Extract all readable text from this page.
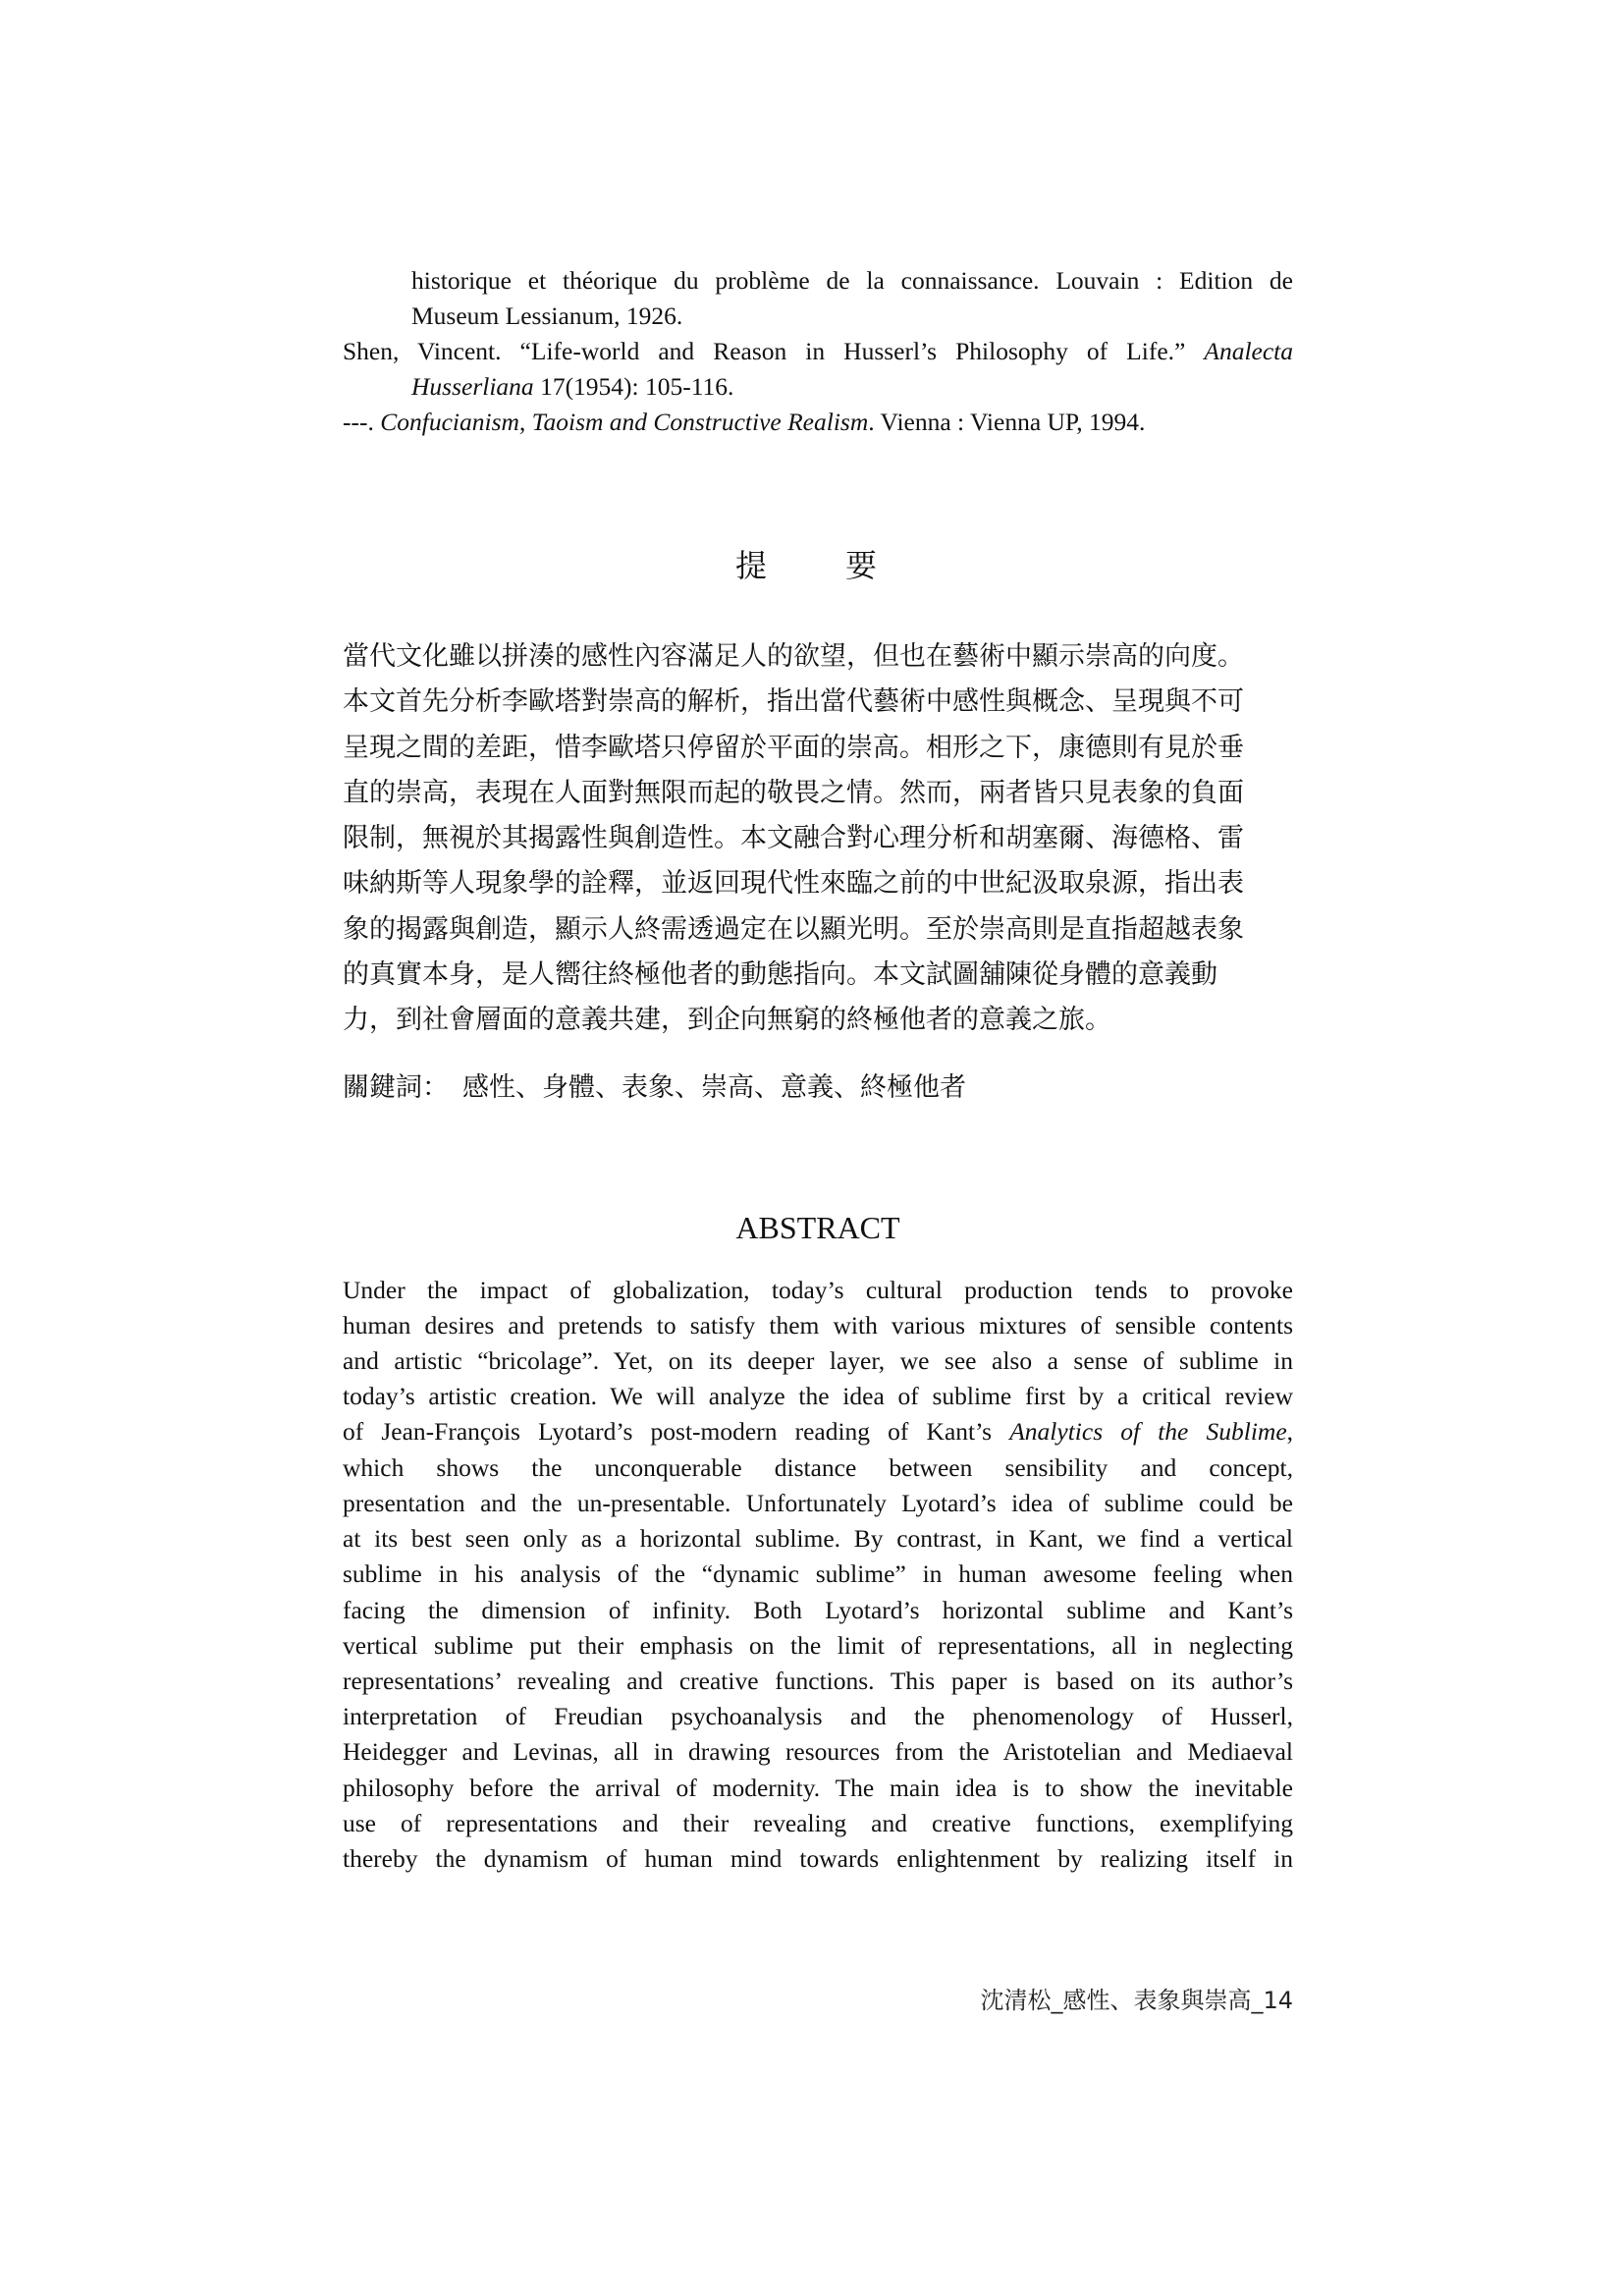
historique et théorique du problème de la connaissance. Louvain : Edition de
Museum Lessianum, 1926.
Shen, Vincent. “Life-world and Reason in Husserl’s Philosophy of Life.” Analecta Husserliana 17(1954): 105-116.
---. Confucianism, Taoism and Constructive Realism. Vienna : Vienna UP, 1994.
提　要
當代文化雖以拼湊的感性內容滿足人的欲望，但也在藝術中顯示崇高的向度。
本文首先分析李歐塔對崇高的解析，指出當代藝術中感性與概念、呈現與不可
呈現之間的差距，惜李歐塔只停留於平面的崇高。相形之下，康德則有見於垂
直的崇高，表現在人面對無限而起的敬畏之情。然而，兩者皆只見表象的負面
限制，無視於其揭露性與創造性。本文融合對心理分析和胡塞爾、海德格、雷
味納斯等人現象學的詮釋，並返回現代性來臨之前的中世紀汲取泉源，指出表
象的揭露與創造，顯示人終需透過定在以顯光明。至於崇高則是直指超越表象
的真實本身，是人嚮往終極他者的動態指向。本文試圖舖陳從身體的意義動
力，到社會層面的意義共建，到企向無窮的終極他者的意義之旅。
關鍵詞： 感性、身體、表象、崇高、意義、終極他者
ABSTRACT
Under the impact of globalization, today’s cultural production tends to provoke
human desires and pretends to satisfy them with various mixtures of sensible contents
and artistic “bricolage”. Yet, on its deeper layer, we see also a sense of sublime in
today’s artistic creation. We will analyze the idea of sublime first by a critical review
of Jean-François Lyotard’s post-modern reading of Kant’s Analytics of the Sublime,
which shows the unconquerable distance between sensibility and concept,
presentation and the un-presentable. Unfortunately Lyotard’s idea of sublime could be
at its best seen only as a horizontal sublime. By contrast, in Kant, we find a vertical
sublime in his analysis of the “dynamic sublime” in human awesome feeling when
facing the dimension of infinity. Both Lyotard’s horizontal sublime and Kant’s
vertical sublime put their emphasis on the limit of representations, all in neglecting
representations’ revealing and creative functions. This paper is based on its author’s
interpretation of Freudian psychoanalysis and the phenomenology of Husserl,
Heidegger and Levinas, all in drawing resources from the Aristotelian and Mediaeval
philosophy before the arrival of modernity. The main idea is to show the inevitable
use of representations and their revealing and creative functions, exemplifying
thereby the dynamism of human mind towards enlightenment by realizing itself in
沈清松_感性、表象與崇高_14
